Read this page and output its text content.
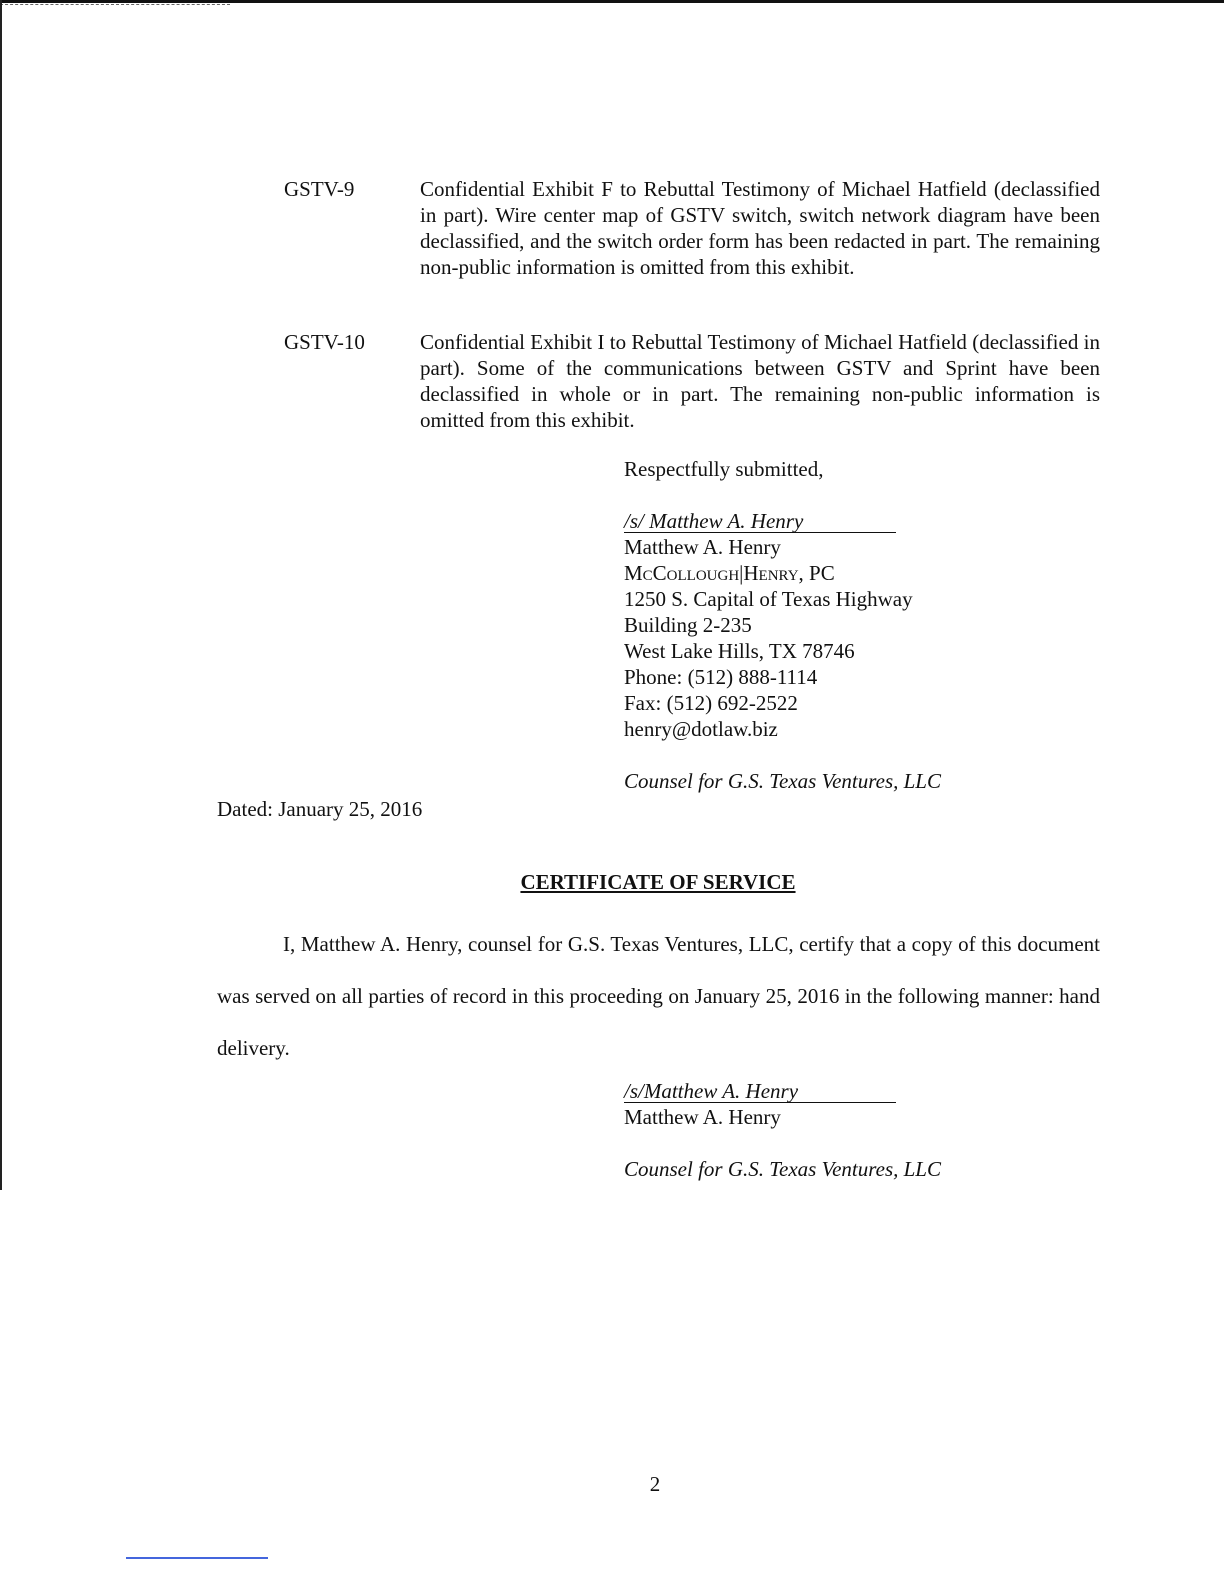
GSTV-9	Confidential Exhibit F to Rebuttal Testimony of Michael Hatfield (declassified in part). Wire center map of GSTV switch, switch network diagram have been declassified, and the switch order form has been redacted in part. The remaining non-public information is omitted from this exhibit.
GSTV-10	Confidential Exhibit I to Rebuttal Testimony of Michael Hatfield (declassified in part). Some of the communications between GSTV and Sprint have been declassified in whole or in part. The remaining non-public information is omitted from this exhibit.
Respectfully submitted,
/s/ Matthew A. Henry
Matthew A. Henry
McCollough|Henry, PC
1250 S. Capital of Texas Highway
Building 2-235
West Lake Hills, TX 78746
Phone: (512) 888-1114
Fax: (512) 692-2522
henry@dotlaw.biz
Counsel for G.S. Texas Ventures, LLC
Dated: January 25, 2016
CERTIFICATE OF SERVICE
I, Matthew A. Henry, counsel for G.S. Texas Ventures, LLC, certify that a copy of this document was served on all parties of record in this proceeding on January 25, 2016 in the following manner: hand delivery.
/s/Matthew A. Henry
Matthew A. Henry
Counsel for G.S. Texas Ventures, LLC
2
